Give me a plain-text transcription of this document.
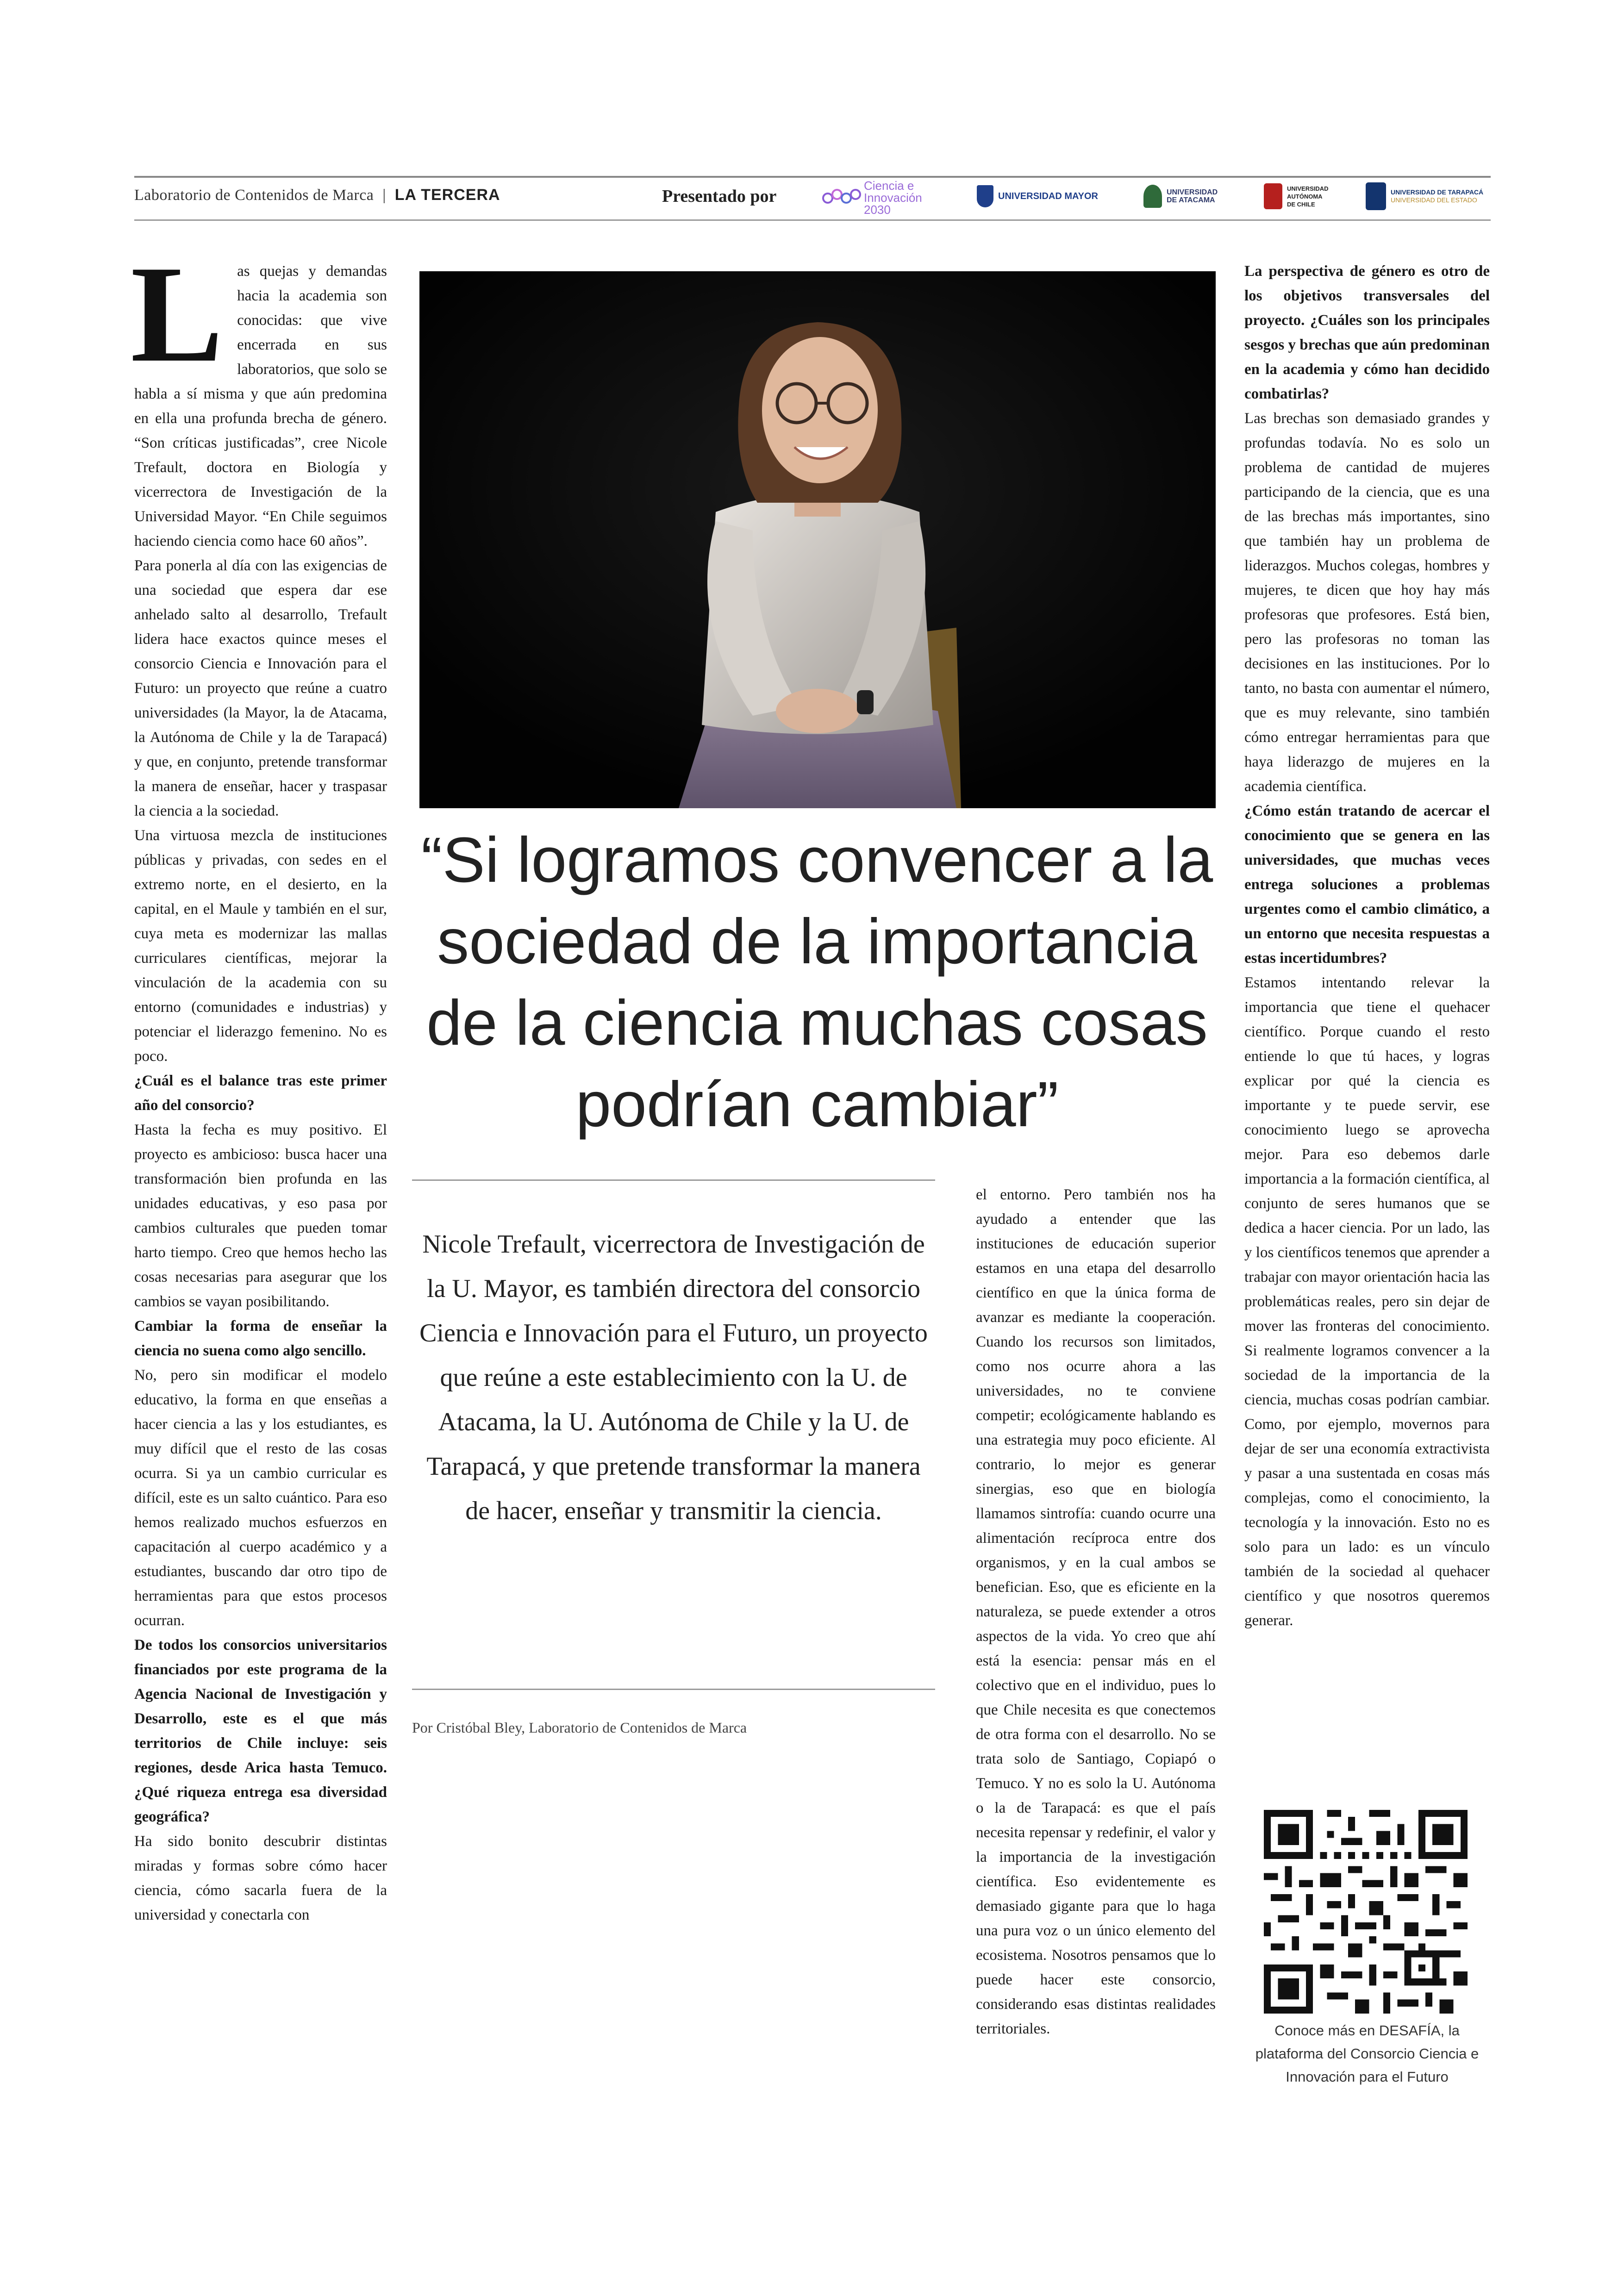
Laboratorio de Contenidos de Marca | LA TERCERA	Presentado por
Ciencia e
Innovación
2030
UNIVERSIDAD MAYOR	UNIVERSIDAD
DE ATACAMA
UNIVERSIDAD
AUTÓNOMA
DE CHILE
UNIVERSIDAD DE TARAPACÁ
UNIVERSIDAD DEL ESTADO
L as quejas y demandas hacia la academia son conocidas: que vive encerrada en sus laboratorios, que solo se habla a sí misma y que aún predomina en ella una profunda brecha de género. “Son críticas justificadas”, cree Nicole Trefault, doctora en Biología y vicerrectora de Investigación de la Universidad Mayor. “En Chile seguimos haciendo ciencia como hace 60 años”.

Para ponerla al día con las exigencias de una sociedad que espera dar ese anhelado salto al desarrollo, Trefault lidera hace exactos quince meses el consorcio Ciencia e Innovación para el Futuro: un proyecto que reúne a cuatro universidades (la Mayor, la de Atacama, la Autónoma de Chile y la de Tarapacá) y que, en conjunto, pretende transformar la manera de enseñar, hacer y traspasar la ciencia a la sociedad.

Una virtuosa mezcla de instituciones públicas y privadas, con sedes en el extremo norte, en el desierto, en la capital, en el Maule y también en el sur, cuya meta es modernizar las mallas curriculares científicas, mejorar la vinculación de la academia con su entorno (comunidades e industrias) y potenciar el liderazgo femenino. No es poco.

¿Cuál es el balance tras este primer año del consorcio?

Hasta la fecha es muy positivo. El proyecto es ambicioso: busca hacer una transformación bien profunda en las unidades educativas, y eso pasa por cambios culturales que pueden tomar harto tiempo. Creo que hemos hecho las cosas necesarias para asegurar que los cambios se vayan posibilitando.

Cambiar la forma de enseñar la ciencia no suena como algo sencillo.

No, pero sin modificar el modelo educativo, la forma en que enseñas a hacer ciencia a las y los estudiantes, es muy difícil que el resto de las cosas ocurra. Si ya un cambio curricular es difícil, este es un salto cuántico. Para eso hemos realizado muchos esfuerzos en capacitación al cuerpo académico y a estudiantes, buscando dar otro tipo de herramientas para que estos procesos ocurran.

De todos los consorcios universitarios financiados por este programa de la Agencia Nacional de Investigación y Desarrollo, este es el que más territorios de Chile incluye: seis regiones, desde Arica hasta Temuco. ¿Qué riqueza entrega esa diversidad geográfica?

Ha sido bonito descubrir distintas miradas y formas sobre cómo hacer ciencia, cómo sacarla fuera de la universidad y conectarla con

“Si logramos convencer a la sociedad de la importancia de la ciencia muchas cosas podrían cambiar”
Nicole Trefault, vicerrectora de Investigación de la U. Mayor, es también directora del consorcio Ciencia e Innovación para el Futuro, un proyecto que reúne a este establecimiento con la U. de Atacama, la U. Autónoma de Chile y la U. de Tarapacá, y que pretende transformar la manera de hacer, enseñar y transmitir la ciencia.
Por Cristóbal Bley, Laboratorio de Contenidos de Marca

el entorno. Pero también nos ha ayudado a entender que las instituciones de educación superior estamos en una etapa del desarrollo científico en que la única forma de avanzar es mediante la cooperación. Cuando los recursos son limitados, como nos ocurre ahora a las universidades, no te conviene competir; ecológicamente hablando es una estrategia muy poco eficiente. Al contrario, lo mejor es generar sinergias, eso que en biología llamamos sintrofía: cuando ocurre una alimentación recíproca entre dos organismos, y en la cual ambos se benefician. Eso, que es eficiente en la naturaleza, se puede extender a otros aspectos de la vida. Yo creo que ahí está la esencia: pensar más en el colectivo que en el individuo, pues lo que Chile necesita es que conectemos de otra forma con el desarrollo. No se trata solo de Santiago, Copiapó o Temuco. Y no es solo la U. Autónoma o la de Tarapacá: es que el país necesita repensar y redefinir, el valor y la importancia de la investigación científica. Eso evidentemente es demasiado gigante para que lo haga una pura voz o un único elemento del ecosistema. Nosotros pensamos que lo puede hacer este consorcio, considerando esas distintas realidades territoriales.

La perspectiva de género es otro de los objetivos transversales del proyecto. ¿Cuáles son los principales sesgos y brechas que aún predominan en la academia y cómo han decidido combatirlas?

Las brechas son demasiado grandes y profundas todavía. No es solo un problema de cantidad de mujeres participando de la ciencia, que es una de las brechas más importantes, sino que también hay un problema de liderazgos. Muchos colegas, hombres y mujeres, te dicen que hoy hay más profesoras que profesores. Está bien, pero las profesoras no toman las decisiones en las instituciones. Por lo tanto, no basta con aumentar el número, que es muy relevante, sino también cómo entregar herramientas para que haya liderazgo de mujeres en la academia científica.

¿Cómo están tratando de acercar el conocimiento que se genera en las universidades, que muchas veces entrega soluciones a problemas urgentes como el cambio climático, a un entorno que necesita respuestas a estas incertidumbres?

Estamos intentando relevar la importancia que tiene el quehacer científico. Porque cuando el resto entiende lo que tú haces, y logras explicar por qué la ciencia es importante y te puede servir, ese conocimiento luego se aprovecha mejor. Para eso debemos darle importancia a la formación científica, al conjunto de seres humanos que se dedica a hacer ciencia. Por un lado, las y los científicos tenemos que aprender a trabajar con mayor orientación hacia las problemáticas reales, pero sin dejar de mover las fronteras del conocimiento. Si realmente logramos convencer a la sociedad de la importancia de la ciencia, muchas cosas podrían cambiar. Como, por ejemplo, movernos para dejar de ser una economía extractivista y pasar a una sustentada en cosas más complejas, como el conocimiento, la tecnología y la innovación. Esto no es solo para un lado: es un vínculo también de la sociedad al quehacer científico y que nosotros queremos generar.

Conoce más en DESAFÍA, la plataforma del Consorcio Ciencia e Innovación para el Futuro
